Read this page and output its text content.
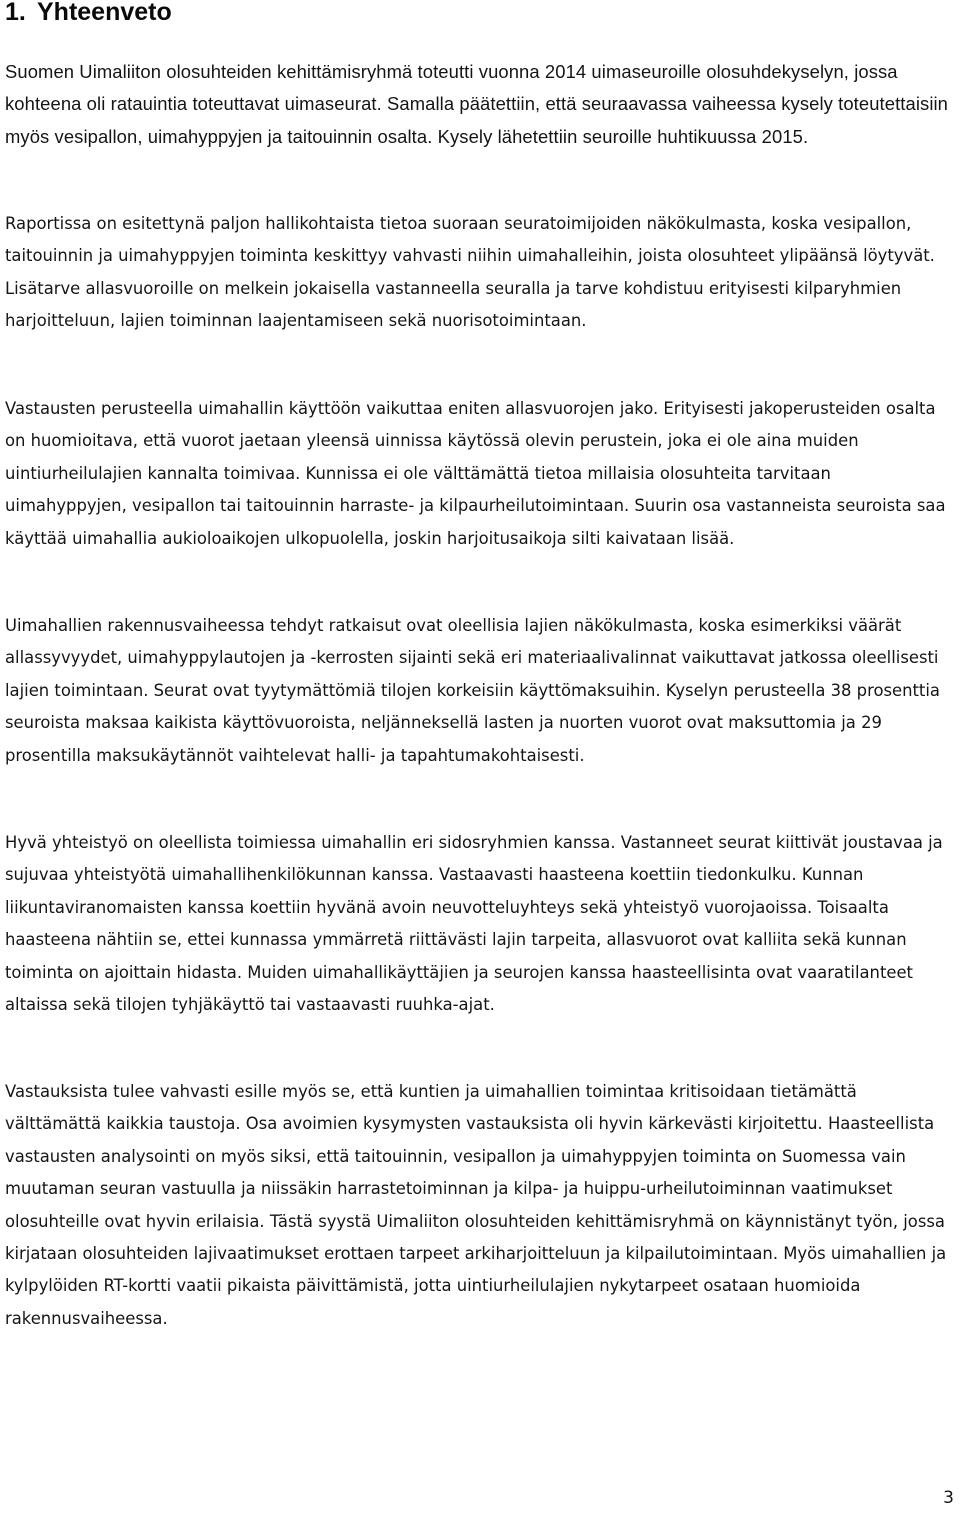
1. Yhteenveto

Suomen Uimaliiton olosuhteiden kehittämisryhmä toteutti vuonna 2014 uimaseuroille olosuhdekyselyn, jossa kohteena oli ratauintia toteuttavat uimaseurat. Samalla päätettiin, että seuraavassa vaiheessa kysely toteutettaisiin myös vesipallon, uimahyppyjen ja taitouinnin osalta. Kysely lähetettiin seuroille huhtikuussa 2015.

Raportissa on esitettynä paljon hallikohtaista tietoa suoraan seuratoimijoiden näkökulmasta, koska vesipallon, taitouinnin ja uimahyppyjen toiminta keskittyy vahvasti niihin uimahalleihin, joista olosuhteet ylipäänsä löytyvät. Lisätarve allasvuoroille on melkein jokaisella vastanneella seuralla ja tarve kohdistuu erityisesti kilparyhmien harjoitteluun, lajien toiminnan laajentamiseen sekä nuorisotoimintaan.

Vastausten perusteella uimahallin käyttöön vaikuttaa eniten allasvuorojen jako. Erityisesti jakoperusteiden osalta on huomioitava, että vuorot jaetaan yleensä uinnissa käytössä olevin perustein, joka ei ole aina muiden uintiurheilulajien kannalta toimivaa. Kunnissa ei ole välttämättä tietoa millaisia olosuhteita tarvitaan uimahyppyjen, vesipallon tai taitouinnin harraste- ja kilpaurheilutoimintaan. Suurin osa vastanneista seuroista saa käyttää uimahallia aukioloaikojen ulkopuolella, joskin harjoitusaikoja silti kaivataan lisää.

Uimahallien rakennusvaiheessa tehdyt ratkaisut ovat oleellisia lajien näkökulmasta, koska esimerkiksi väärät allassyvyydet, uimahyppylautojen ja -kerrosten sijainti sekä eri materiaalivalinnat vaikuttavat jatkossa oleellisesti lajien toimintaan. Seurat ovat tyytymättömiä tilojen korkeisiin käyttömaksuihin. Kyselyn perusteella 38 prosenttia seuroista maksaa kaikista käyttövuoroista, neljänneksellä lasten ja nuorten vuorot ovat maksuttomia ja 29 prosentilla maksukäytännöt vaihtelevat halli- ja tapahtumakohtaisesti.

Hyvä yhteistyö on oleellista toimiessa uimahallin eri sidosryhmien kanssa. Vastanneet seurat kiittivät joustavaa ja sujuvaa yhteistyötä uimahallihenkilökunnan kanssa. Vastaavasti haasteena koettiin tiedonkulku. Kunnan liikuntaviranomaisten kanssa koettiin hyvänä avoin neuvotteluyhteys sekä yhteistyö vuorojaoissa. Toisaalta haasteena nähtiin se, ettei kunnassa ymmärretä riittävästi lajin tarpeita, allasvuorot ovat kalliita sekä kunnan toiminta on ajoittain hidasta. Muiden uimahallikäyttäjien ja seurojen kanssa haasteellisinta ovat vaaratilanteet altaissa sekä tilojen tyhjäkäyttö tai vastaavasti ruuhka-ajat.

Vastauksista tulee vahvasti esille myös se, että kuntien ja uimahallien toimintaa kritisoidaan tietämättä välttämättä kaikkia taustoja. Osa avoimien kysymysten vastauksista oli hyvin kärkevästi kirjoitettu. Haasteellista vastausten analysointi on myös siksi, että taitouinnin, vesipallon ja uimahyppyjen toiminta on Suomessa vain muutaman seuran vastuulla ja niissäkin harrastetoiminnan ja kilpa- ja huippu-urheilutoiminnan vaatimukset olosuhteille ovat hyvin erilaisia. Tästä syystä Uimaliiton olosuhteiden kehittämisryhmä on käynnistänyt työn, jossa kirjataan olosuhteiden lajivaatimukset erottaen tarpeet arkiharjoitteluun ja kilpailutoimintaan. Myös uimahallien ja kylpylöiden RT-kortti vaatii pikaista päivittämistä, jotta uintiurheilulajien nykytarpeet osataan huomioida rakennusvaiheessa.

3
